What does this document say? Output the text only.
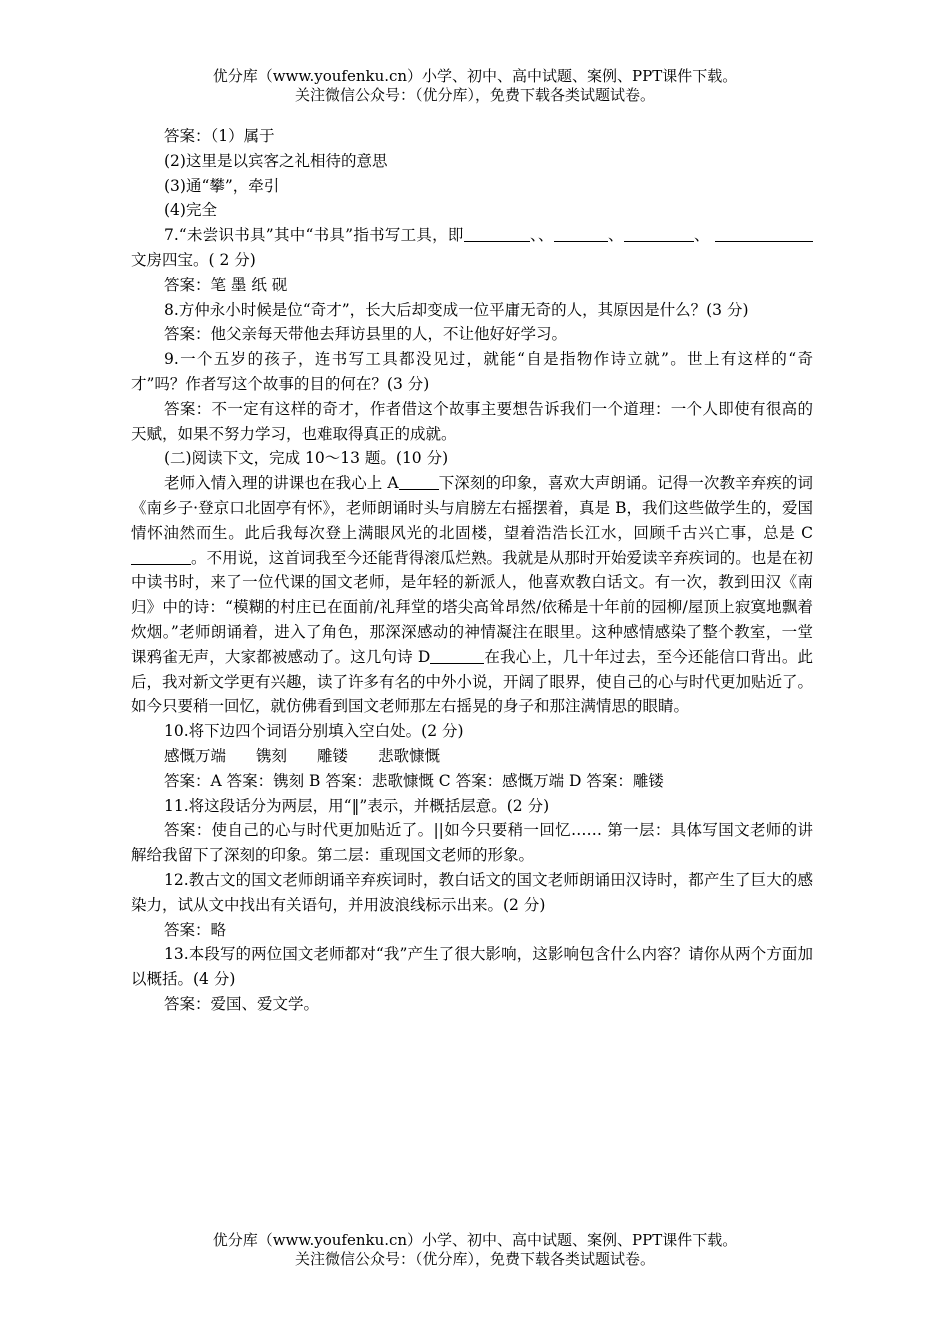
优分库（www.youfenku.cn）小学、初中、高中试题、案例、PPT课件下载。
关注微信公众号：（优分库），免费下载各类试题试卷。

答案：（1）属于

(2)这里是以宾客之礼相待的意思

(3)通“攀”，牵引

(4)完全

7.“未尝识书具”其中“书具”指书写工具，即	、、	、	、 文房四宝。( 2 分)

答案：笔 墨 纸 砚

8.方仲永小时候是位“奇才”，长大后却变成一位平庸无奇的人，其原因是什么？(3 分)

答案：他父亲每天带他去拜访县里的人，不让他好好学习。

9.一个五岁的孩子，连书写工具都没见过，就能“自是指物作诗立就”。世上有这样的“奇才”吗？作者写这个故事的目的何在？(3 分)

答案：不一定有这样的奇才，作者借这个故事主要想告诉我们一个道理：一个人即使有很高的天赋，如果不努力学习，也难取得真正的成就。

(二)阅读下文，完成 10～13 题。(10 分)

老师入情入理的讲课也在我心上 A	下深刻的印象，喜欢大声朗诵。记得一次教辛弃疾的词《南乡子·登京口北固亭有怀》，老师朗诵时头与肩膀左右摇摆着，真是 B，我们这些做学生的，爱国情怀油然而生。此后我每次登上满眼风光的北固楼，望着浩浩长江水，回顾千古兴亡事，总是 C。不用说，这首词我至今还能背得滚瓜烂熟。我就是从那时开始爱读辛弃疾词的。也是在初中读书时，来了一位代课的国文老师，是年轻的新派人，他喜欢教白话文。有一次，教到田汉《南归》中的诗：“模糊的村庄已在面前/礼拜堂的塔尖高耸昂然/依稀是十年前的园柳/屋顶上寂寞地飘着炊烟。”老师朗诵着，进入了角色，那深深感动的神情凝注在眼里。这种感情感染了整个教室，一堂课鸦雀无声，大家都被感动了。这几句诗 D	在我心上，几十年过去，至今还能信口背出。此后，我对新文学更有兴趣，读了许多有名的中外小说，开阔了眼界，使自己的心与时代更加贴近了。如今只要稍一回忆，就仿佛看到国文老师那左右摇晃的身子和那注满情思的眼睛。

10.将下边四个词语分别填入空白处。(2 分)

感慨万端 镌刻 雕镂 悲歌慷慨

答案：A 答案：镌刻 B 答案：悲歌慷慨 C 答案：感慨万端 D 答案：雕镂

11.将这段话分为两层，用“‖”表示，并概括层意。(2 分)

答案：使自己的心与时代更加贴近了。||如今只要稍一回忆…… 第一层：具体写国文老师的讲解给我留下了深刻的印象。第二层：重现国文老师的形象。

12.教古文的国文老师朗诵辛弃疾词时，教白话文的国文老师朗诵田汉诗时，都产生了巨大的感染力，试从文中找出有关语句，并用波浪线标示出来。(2 分)

答案：略

13.本段写的两位国文老师都对“我”产生了很大影响，这影响包含什么内容？请你从两个方面加以概括。(4 分)

答案：爱国、爱文学。

优分库（www.youfenku.cn）小学、初中、高中试题、案例、PPT课件下载。
关注微信公众号：（优分库），免费下载各类试题试卷。
